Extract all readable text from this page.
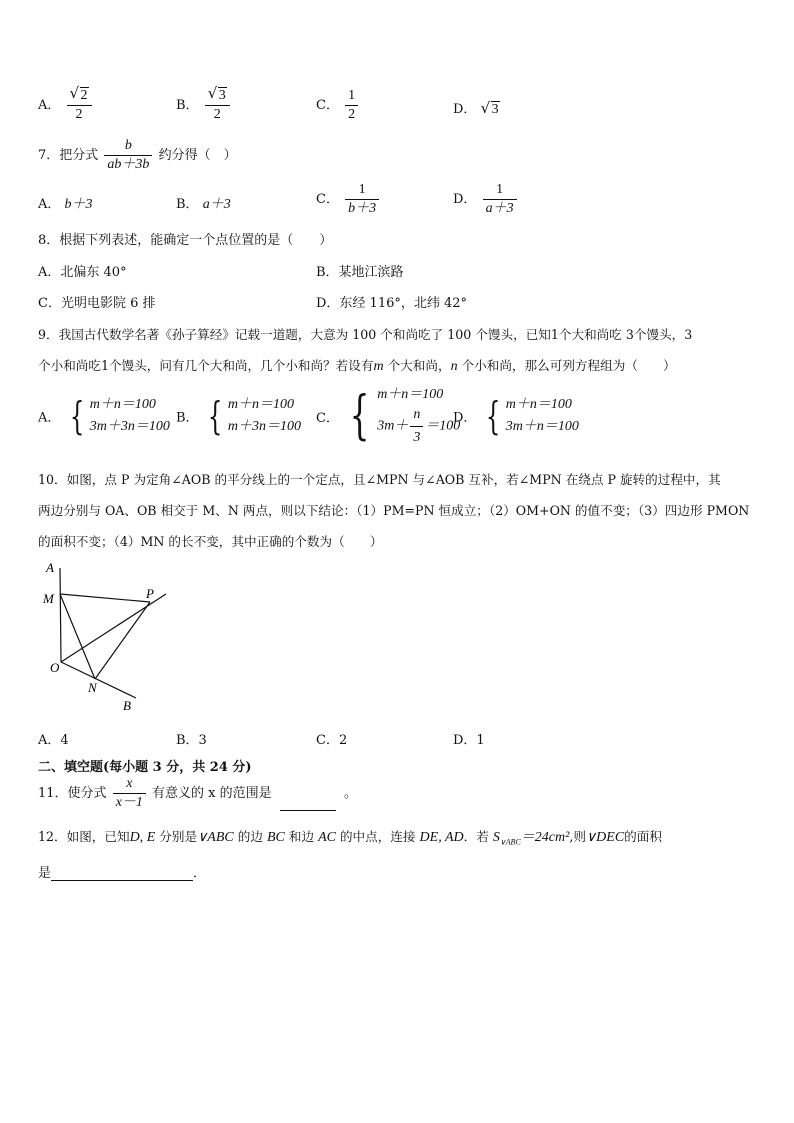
A． $\frac{√ 2}{2}$	B． $\frac{√ 3}{2}$	C． $\frac{1}{2}$	D． √ 3
7．把分式 $\frac{b}{ab+3b}$ 约分得（　）
A． b＋3	B． a＋3	C． $\frac{1}{b+3}$	D． $\frac{1}{a+3}$
8．根据下列表述，能确定一个点位置的是（　　）
A．北偏东 40°	B．某地江滨路
C．光明电影院 6 排	D．东经 116°，北纬 42°
9．我国古代数学名著《孙子算经》记载一道题，大意为 100 个和尚吃了 100 个馒头，已知1个大和尚吃 3个馒头，3
个小和尚吃1个馒头，问有几个大和尚，几个小和尚？若设有m 个大和尚，n 个小和尚，那么可列方程组为（　　）
A． { m＋n＝100
3m＋3n＝100
B． { m＋n＝100
m＋3n＝100
C． { m＋n＝100
$3m+ \frac{n}{3} =100$
D． { m＋n＝100
3m＋n＝100
10．如图，点 P 为定角∠AOB 的平分线上的一个定点，且∠MPN 与∠AOB 互补，若∠MPN 在绕点 P 旋转的过程中，其
两边分别与 OA、OB 相交于 M、N 两点，则以下结论：（1）PM=PN 恒成立；（2）OM+ON 的值不变；（3）四边形 PMON
的面积不变；（4）MN 的长不变，其中正确的个数为（　　）
A
M	P
O
N
B
A．4	B．3	C．2	D．1
二、填空题(每小题 3 分，共 24 分)
11．使分式 $\frac{x}{x-1}$ 有意义的 x 的范围是	。
12．如图，已知D, E 分别是∨ABC 的边 BC 和边 AC 的中点，连接 DE, AD．若 $S_{\vee ABC}=24cm^2$,则∨DEC的面积
是	．
